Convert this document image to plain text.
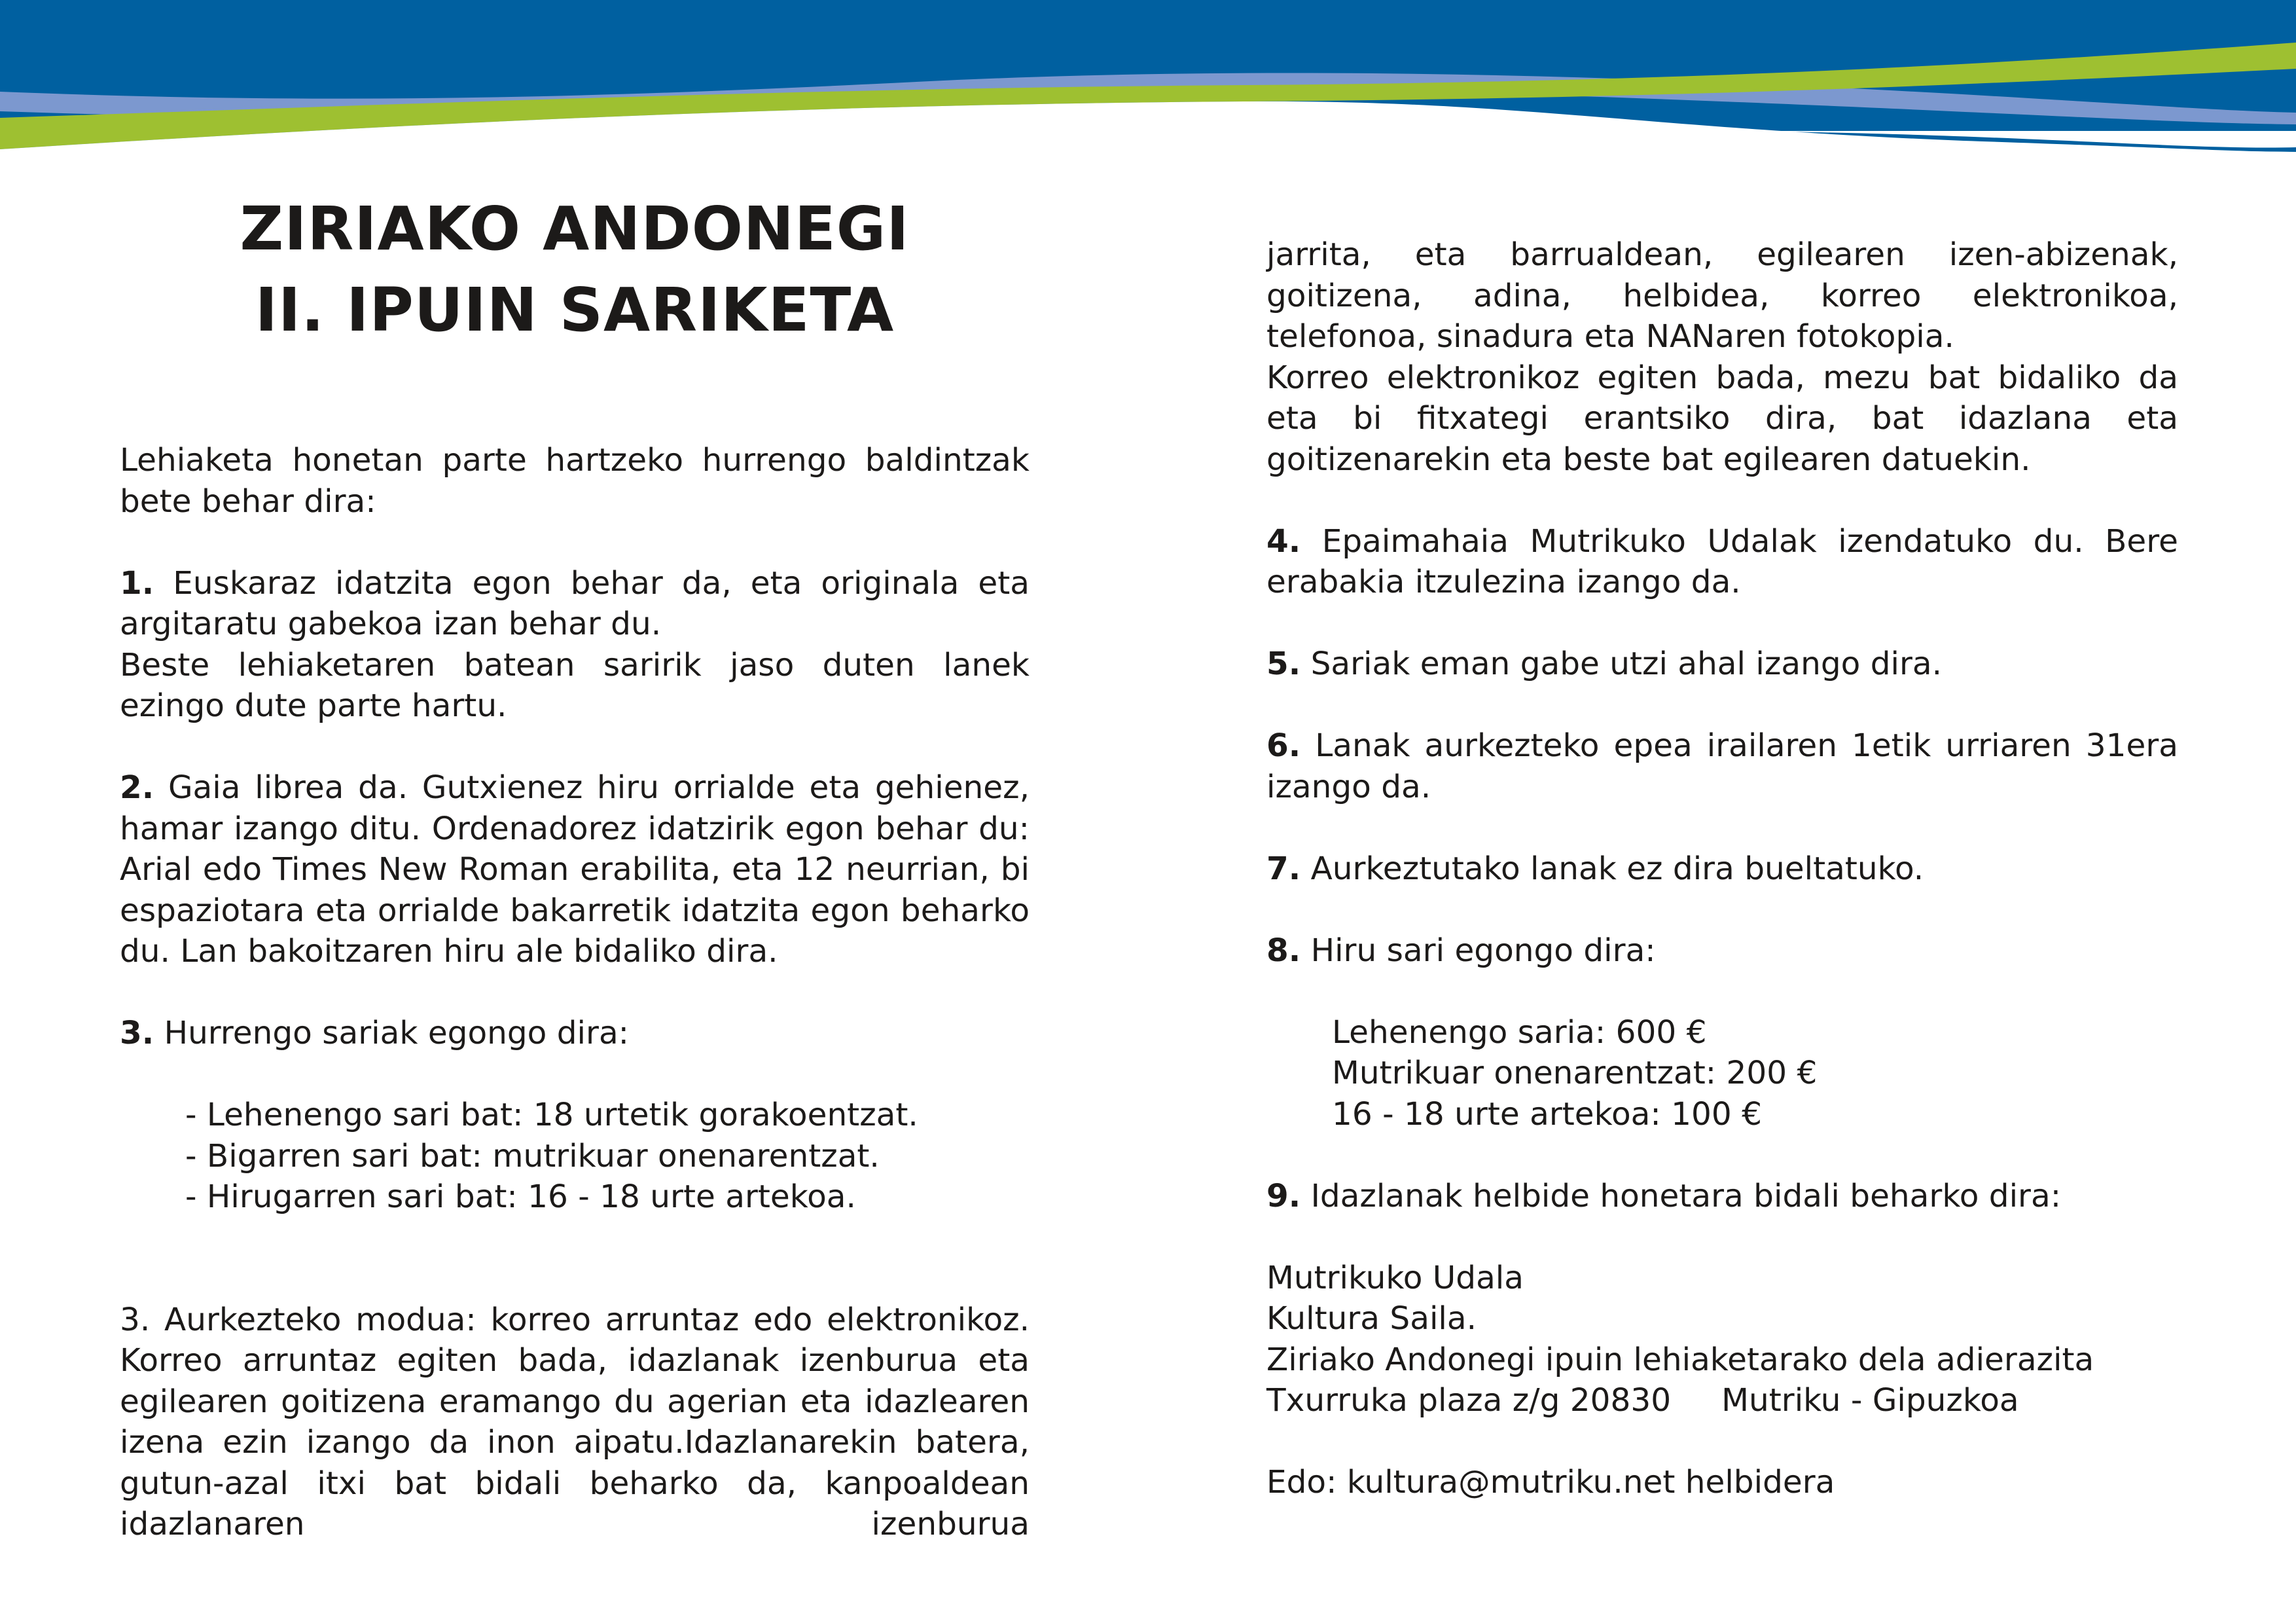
ZIRIAKO ANDONEGI
II. IPUIN SARIKETA

Lehiaketa honetan parte hartzeko hurrengo baldintzak bete behar dira:

1. Euskaraz idatzita egon behar da, eta originala eta argitaratu gabekoa izan behar du.

Beste lehiaketaren batean saririk jaso duten lanek ezingo dute parte hartu.

2. Gaia librea da. Gutxienez hiru orrialde eta gehienez, hamar izango ditu. Ordenadorez idatzirik egon behar du: Arial edo Times New Roman erabilita, eta 12 neurrian, bi espaziotara eta orrialde bakarretik idatzita egon beharko du. Lan bakoitzaren hiru ale bidaliko dira.

3. Hurrengo sariak egongo dira:

- Lehenengo sari bat: 18 urtetik gorakoentzat.

- Bigarren sari bat: mutrikuar onenarentzat.

- Hirugarren sari bat: 16 - 18 urte artekoa.

3. Aurkezteko modua: korreo arruntaz edo elektronikoz. Korreo arruntaz egiten bada, idazlanak izenburua eta egilearen goitizena eramango du agerian eta idazlearen izena ezin izango da inon aipatu.Idazlanarekin batera, gutun-azal itxi bat bidali beharko da, kanpoaldean idazlanaren izenburua

jarrita, eta barrualdean, egilearen izen-abizenak, goitizena, adina, helbidea, korreo elektronikoa, telefonoa, sinadura eta NANaren fotokopia.

Korreo elektronikoz egiten bada, mezu bat bidaliko da eta bi fitxategi erantsiko dira, bat idazlana eta goitizenarekin eta beste bat egilearen datuekin.

4. Epaimahaia Mutrikuko Udalak izendatuko du. Bere erabakia itzulezina izango da.

5. Sariak eman gabe utzi ahal izango dira.

6. Lanak aurkezteko epea irailaren 1etik urriaren 31era izango da.

7. Aurkeztutako lanak ez dira bueltatuko.

8. Hiru sari egongo dira:

Lehenengo saria: 600 €

Mutrikuar onenarentzat: 200 €

16 - 18 urte artekoa: 100 €

9. Idazlanak helbide honetara bidali beharko dira:

Mutrikuko Udala

Kultura Saila.

Ziriako Andonegi ipuin lehiaketarako dela adierazita

Txurruka plaza z/g 20830     Mutriku - Gipuzkoa

Edo: kultura@mutriku.net helbidera
